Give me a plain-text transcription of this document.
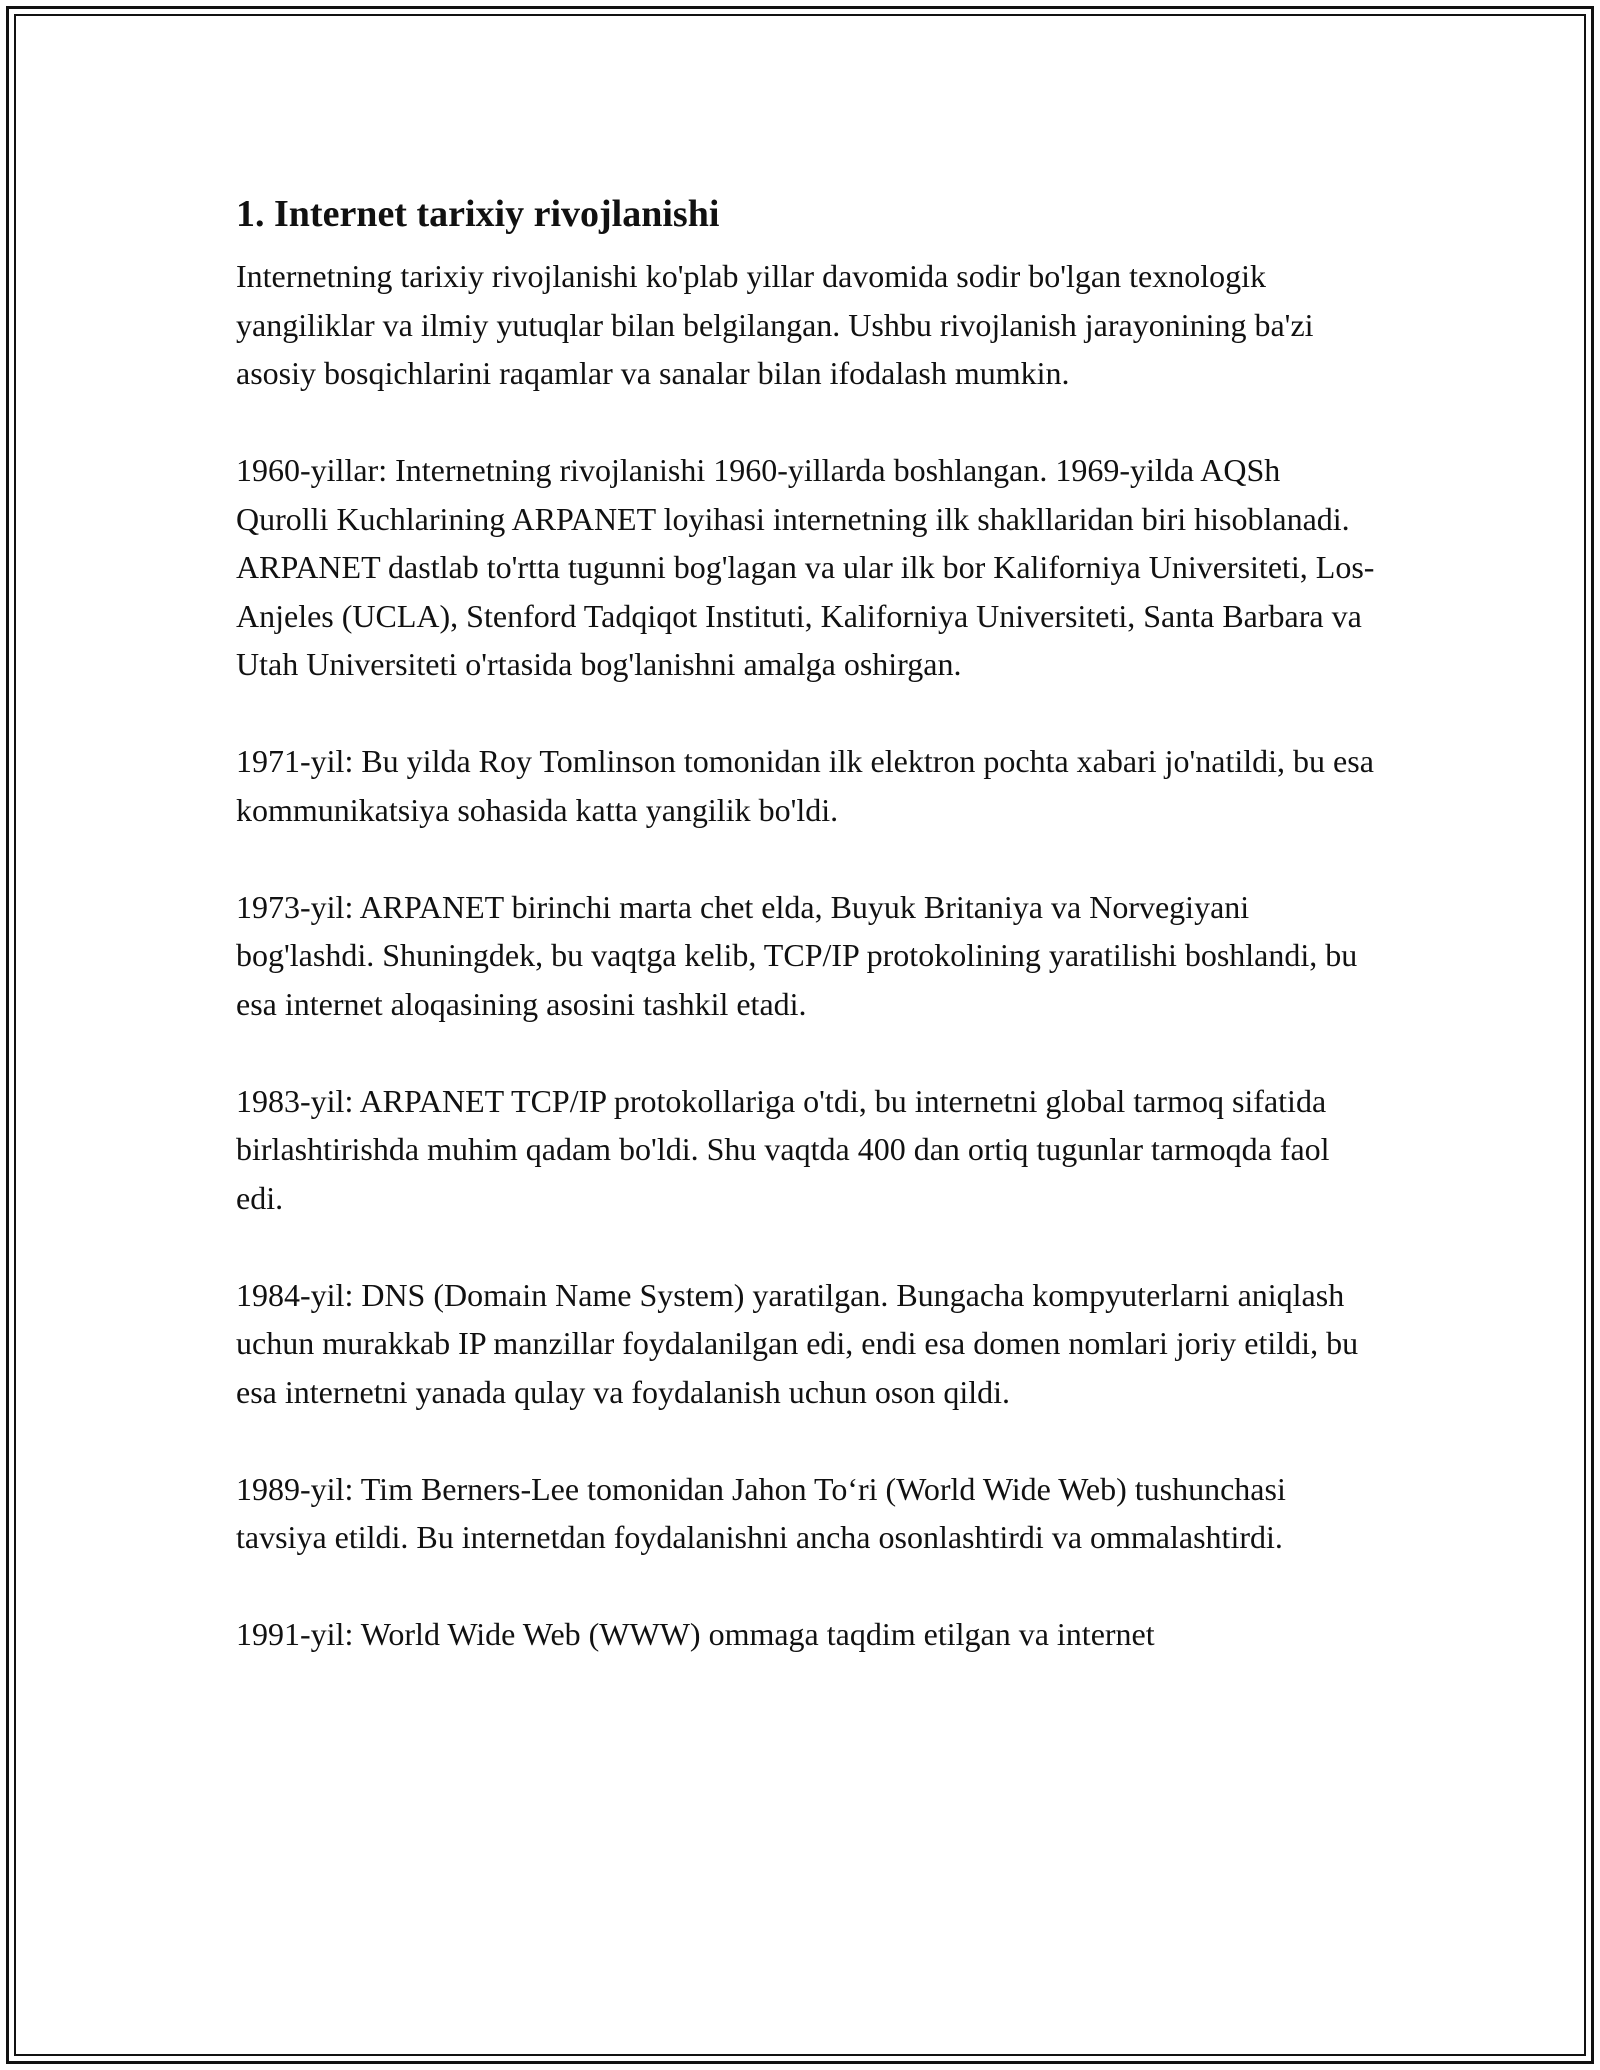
1. Internet tarixiy rivojlanishi

Internetning tarixiy rivojlanishi ko'plab yillar davomida sodir bo'lgan texnologik yangiliklar va ilmiy yutuqlar bilan belgilangan. Ushbu rivojlanish jarayonining ba'zi asosiy bosqichlarini raqamlar va sanalar bilan ifodalash mumkin.

1960-yillar: Internetning rivojlanishi 1960-yillarda boshlangan. 1969-yilda AQSh Qurolli Kuchlarining ARPANET loyihasi internetning ilk shakllaridan biri hisoblanadi. ARPANET dastlab to'rtta tugunni bog'lagan va ular ilk bor Kaliforniya Universiteti, Los-Anjeles (UCLA), Stenford Tadqiqot Instituti, Kaliforniya Universiteti, Santa Barbara va Utah Universiteti o'rtasida bog'lanishni amalga oshirgan.

1971-yil: Bu yilda Roy Tomlinson tomonidan ilk elektron pochta xabari jo'natildi, bu esa kommunikatsiya sohasida katta yangilik bo'ldi.

1973-yil: ARPANET birinchi marta chet elda, Buyuk Britaniya va Norvegiyani bog'lashdi. Shuningdek, bu vaqtga kelib, TCP/IP protokolining yaratilishi boshlandi, bu esa internet aloqasining asosini tashkil etadi.

1983-yil: ARPANET TCP/IP protokollariga o'tdi, bu internetni global tarmoq sifatida birlashtirishda muhim qadam bo'ldi. Shu vaqtda 400 dan ortiq tugunlar tarmoqda faol edi.

1984-yil: DNS (Domain Name System) yaratilgan. Bungacha kompyuterlarni aniqlash uchun murakkab IP manzillar foydalanilgan edi, endi esa domen nomlari joriy etildi, bu esa internetni yanada qulay va foydalanish uchun oson qildi.

1989-yil: Tim Berners-Lee tomonidan Jahon To‘ri (World Wide Web) tushunchasi tavsiya etildi. Bu internetdan foydalanishni ancha osonlashtirdi va ommalashtirdi.

1991-yil: World Wide Web (WWW) ommaga taqdim etilgan va internet
